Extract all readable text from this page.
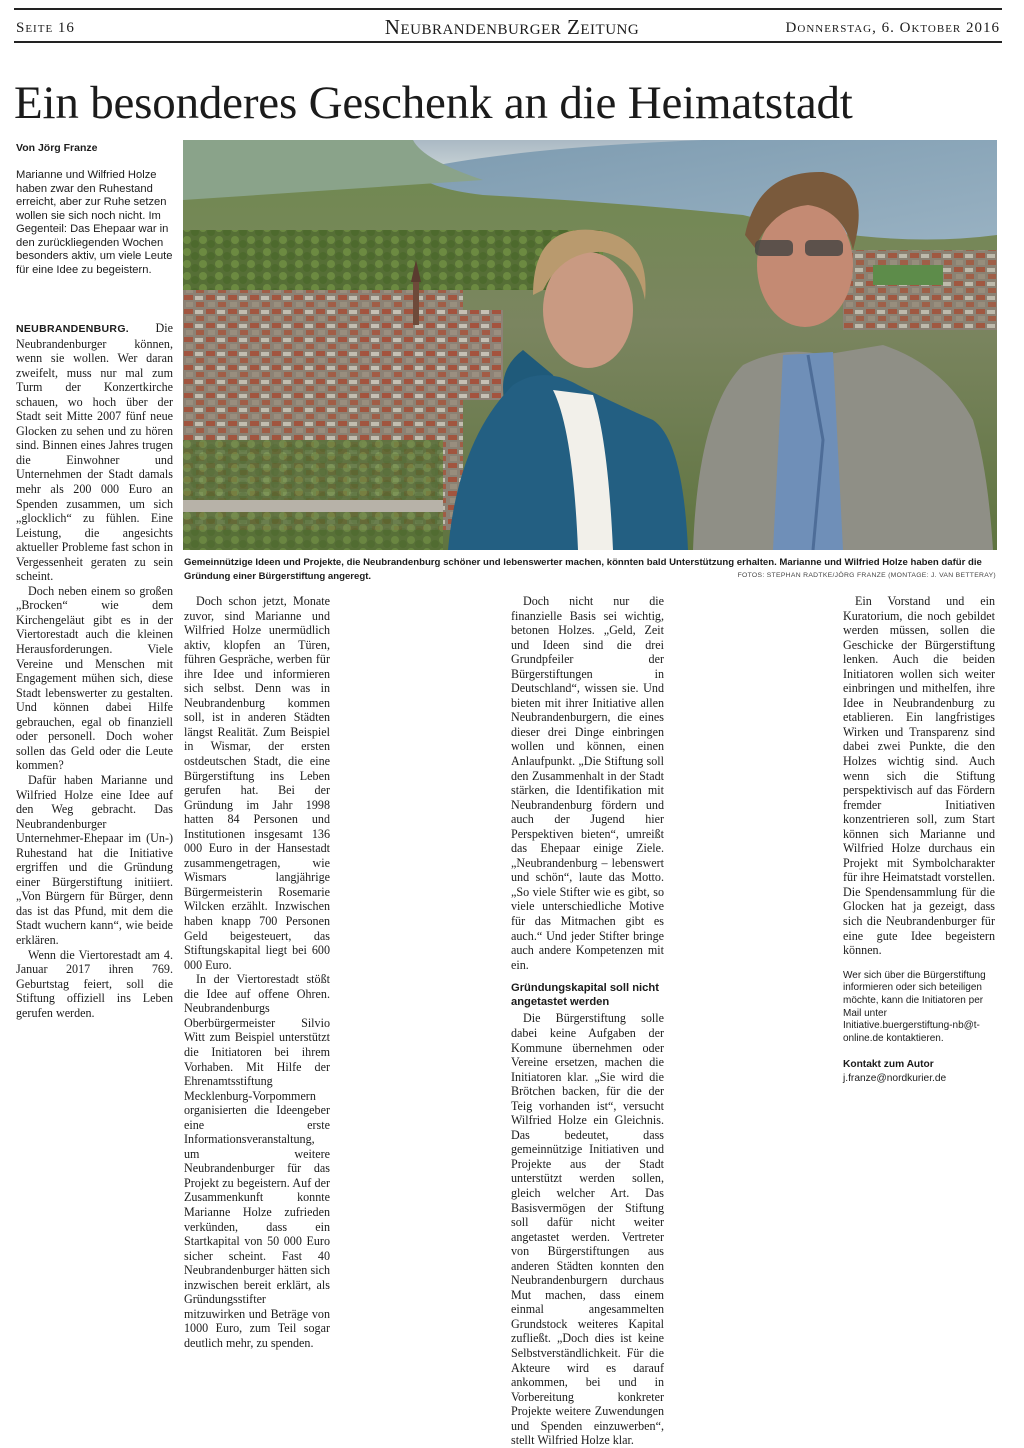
Seite 16	Neubrandenburger Zeitung	Donnerstag, 6. Oktober 2016
Ein besonderes Geschenk an die Heimatstadt
Von Jörg Franze
Marianne und Wilfried Holze haben zwar den Ruhestand erreicht, aber zur Ruhe setzen wollen sie sich noch nicht. Im Gegenteil: Das Ehepaar war in den zurückliegenden Wochen besonders aktiv, um viele Leute für eine Idee zu begeistern.
Gemeinnützige Ideen und Projekte, die Neubrandenburg schöner und lebenswerter machen, könnten bald Unterstützung erhalten. Marianne und Wilfried Holze haben dafür die Gründung einer Bürgerstiftung angeregt.	FOTOS: STEPHAN RADTKE/JÖRG FRANZE (MONTAGE: J. VAN BETTERAY)

NEUBRANDENBURG. Die Neubrandenburger können, wenn sie wollen. Wer daran zweifelt, muss nur mal zum Turm der Konzertkirche schauen, wo hoch über der Stadt seit Mitte 2007 fünf neue Glocken zu sehen und zu hören sind. Binnen eines Jahres trugen die Einwohner und Unternehmen der Stadt damals mehr als 200 000 Euro an Spenden zusammen, um sich „glocklich“ zu fühlen. Eine Leistung, die angesichts aktueller Probleme fast schon in Vergessenheit geraten zu sein scheint.

Doch neben einem so großen „Brocken“ wie dem Kirchengeläut gibt es in der Viertorestadt auch die kleinen Herausforderungen. Viele Vereine und Menschen mit Engagement mühen sich, diese Stadt lebenswerter zu gestalten. Und können dabei Hilfe gebrauchen, egal ob finanziell oder personell. Doch woher sollen das Geld oder die Leute kommen?

Dafür haben Marianne und Wilfried Holze eine Idee auf den Weg gebracht. Das Neubrandenburger Unternehmer-Ehepaar im (Un-) Ruhestand hat die Initiative ergriffen und die Gründung einer Bürgerstiftung initiiert. „Von Bürgern für Bürger, denn das ist das Pfund, mit dem die Stadt wuchern kann“, wie beide erklären.

Wenn die Viertorestadt am 4. Januar 2017 ihren 769. Geburtstag feiert, soll die Stiftung offiziell ins Leben gerufen werden.

Doch schon jetzt, Monate zuvor, sind Marianne und Wilfried Holze unermüdlich aktiv, klopfen an Türen, führen Gespräche, werben für ihre Idee und informieren sich selbst. Denn was in Neubrandenburg kommen soll, ist in anderen Städten längst Realität. Zum Beispiel in Wismar, der ersten ostdeutschen Stadt, die eine Bürgerstiftung ins Leben gerufen hat. Bei der Gründung im Jahr 1998 hatten 84 Personen und Institutionen insgesamt 136 000 Euro in der Hansestadt zusammengetragen, wie Wismars langjährige Bürgermeisterin Rosemarie Wilcken erzählt. Inzwischen haben knapp 700 Personen Geld beigesteuert, das Stiftungskapital liegt bei 600 000 Euro.

In der Viertorestadt stößt die Idee auf offene Ohren. Neubrandenburgs Oberbürgermeister Silvio Witt zum Beispiel unterstützt die Initiatoren bei ihrem Vorhaben. Mit Hilfe der Ehrenamtsstiftung Mecklenburg-Vorpommern organisierten die Ideengeber eine erste Informationsveranstaltung, um weitere Neubrandenburger für das Projekt zu begeistern. Auf der Zusammenkunft konnte Marianne Holze zufrieden verkünden, dass ein Startkapital von 50 000 Euro sicher scheint. Fast 40 Neubrandenburger hätten sich inzwischen bereit erklärt, als Gründungsstifter mitzuwirken und Beträge von 1000 Euro, zum Teil sogar deutlich mehr, zu spenden.

Doch nicht nur die finanzielle Basis sei wichtig, betonen Holzes. „Geld, Zeit und Ideen sind die drei Grundpfeiler der Bürgerstiftungen in Deutschland“, wissen sie. Und bieten mit ihrer Initiative allen Neubrandenburgern, die eines dieser drei Dinge einbringen wollen und können, einen Anlaufpunkt. „Die Stiftung soll den Zusammenhalt in der Stadt stärken, die Identifikation mit Neubrandenburg fördern und auch der Jugend hier Perspektiven bieten“, umreißt das Ehepaar einige Ziele. „Neubrandenburg – lebenswert und schön“, laute das Motto. „So viele Stifter wie es gibt, so viele unterschiedliche Motive für das Mitmachen gibt es auch.“ Und jeder Stifter bringe auch andere Kompetenzen mit ein.

Gründungskapital soll nicht angetastet werden

Die Bürgerstiftung solle dabei keine Aufgaben der Kommune übernehmen oder Vereine ersetzen, machen die Initiatoren klar. „Sie wird die Brötchen backen, für die der Teig vorhanden ist“, versucht Wilfried Holze ein Gleichnis. Das bedeutet, dass gemeinnützige Initiativen und Projekte aus der Stadt unterstützt werden sollen, gleich welcher Art. Das Basisvermögen der Stiftung soll dafür nicht weiter angetastet werden. Vertreter von Bürgerstiftungen aus anderen Städten konnten den Neubrandenburgern durchaus Mut machen, dass einem einmal angesammelten Grundstock weiteres Kapital zufließt. „Doch dies ist keine Selbstverständlichkeit. Für die Akteure wird es darauf ankommen, bei und in Vorbereitung konkreter Projekte weitere Zuwendungen und Spenden einzuwerben“, stellt Wilfried Holze klar.

Ein Vorstand und ein Kuratorium, die noch gebildet werden müssen, sollen die Geschicke der Bürgerstiftung lenken. Auch die beiden Initiatoren wollen sich weiter einbringen und mithelfen, ihre Idee in Neubrandenburg zu etablieren. Ein langfristiges Wirken und Transparenz sind dabei zwei Punkte, die den Holzes wichtig sind. Auch wenn sich die Stiftung perspektivisch auf das Fördern fremder Initiativen konzentrieren soll, zum Start können sich Marianne und Wilfried Holze durchaus ein Projekt mit Symbolcharakter für ihre Heimatstadt vorstellen. Die Spendensammlung für die Glocken hat ja gezeigt, dass sich die Neubrandenburger für eine gute Idee begeistern können.

Wer sich über die Bürgerstiftung informieren oder sich beteiligen möchte, kann die Initiatoren per Mail unter Initiative.buergerstiftung-nb@t-online.de kontaktieren.
Kontakt zum Autor
j.franze@nordkurier.de
